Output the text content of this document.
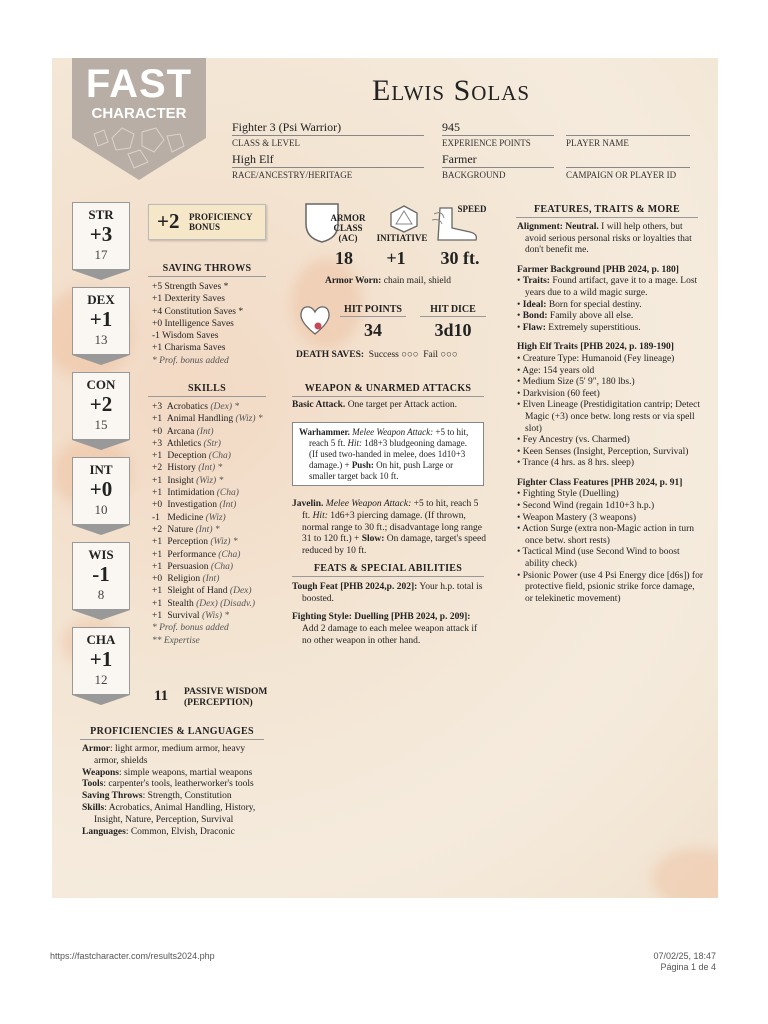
FAST
CHARACTER
Elwis Solas
Fighter 3 (Psi Warrior)
CLASS & LEVEL
945
EXPERIENCE POINTS	PLAYER NAME
High Elf
RACE/ANCESTRY/HERITAGE
Farmer
BACKGROUND	CAMPAIGN OR PLAYER ID
STR
+3
17
DEX
+1
13
CON
+2
15
INT
+0
10
WIS
-1
8
CHA
+1
12
+2 PROFICIENCY BONUS
SAVING THROWS
+5 Strength Saves *
+1 Dexterity Saves
+4 Constitution Saves *
+0 Intelligence Saves
-1 Wisdom Saves
+1 Charisma Saves
* Prof. bonus added
SKILLS
+3 Acrobatics (Dex) *
+1 Animal Handling (Wiz) *
+0 Arcana (Int)
+3 Athletics (Str)
+1 Deception (Cha)
+2 History (Int) *
+1 Insight (Wiz) *
+1 Intimidation (Cha)
+0 Investigation (Int)
-1 Medicine (Wiz)
+2 Nature (Int) *
+1 Perception (Wiz) *
+1 Performance (Cha)
+1 Persuasion (Cha)
+0 Religion (Int)
+1 Sleight of Hand (Dex)
+1 Stealth (Dex) (Disadv.)
+1 Survival (Wis) *
* Prof. bonus added
** Expertise
11 PASSIVE WISDOM (PERCEPTION)
PROFICIENCIES & LANGUAGES
Armor: light armor, medium armor, heavy armor, shields
Weapons: simple weapons, martial weapons
Tools: carpenter's tools, leatherworker's tools
Saving Throws: Strength, Constitution
Skills: Acrobatics, Animal Handling, History, Insight, Nature, Perception, Survival
Languages: Common, Elvish, Draconic
ARMOR CLASS (AC)	INITIATIVE
SPEED
18	+1	30 ft.
Armor Worn: chain mail, shield
HIT POINTS	HIT DICE
34	3d10
DEATH SAVES: Success ○○○ Fail ○○○
WEAPON & UNARMED ATTACKS
Basic Attack. One target per Attack action.
Warhammer. Melee Weapon Attack: +5 to hit, reach 5 ft. Hit: 1d8+3 bludgeoning damage. (If used two-handed in melee, does 1d10+3 damage.) + Push: On hit, push Large or smaller target back 10 ft.
Javelin. Melee Weapon Attack: +5 to hit, reach 5 ft. Hit: 1d6+3 piercing damage. (If thrown, normal range to 30 ft.; disadvantage long range 31 to 120 ft.) + Slow: On damage, target's speed reduced by 10 ft.
FEATS & SPECIAL ABILITIES
Tough Feat [PHB 2024,p. 202]: Your h.p. total is boosted.
Fighting Style: Duelling [PHB 2024, p. 209]: Add 2 damage to each melee weapon attack if no other weapon in other hand.
FEATURES, TRAITS & MORE
Alignment: Neutral. I will help others, but avoid serious personal risks or loyalties that don't benefit me.
Farmer Background [PHB 2024, p. 180]
• Traits: Found artifact, gave it to a mage. Lost years due to a wild magic surge.
• Ideal: Born for special destiny.
• Bond: Family above all else.
• Flaw: Extremely superstitious.
High Elf Traits [PHB 2024, p. 189-190]
• Creature Type: Humanoid (Fey lineage)
• Age: 154 years old
• Medium Size (5' 9", 180 lbs.)
• Darkvision (60 feet)
• Elven Lineage (Prestidigitation cantrip; Detect Magic (+3) once betw. long rests or via spell slot)
• Fey Ancestry (vs. Charmed)
• Keen Senses (Insight, Perception, Survival)
• Trance (4 hrs. as 8 hrs. sleep)
Fighter Class Features [PHB 2024, p. 91]
• Fighting Style (Duelling)
• Second Wind (regain 1d10+3 h.p.)
• Weapon Mastery (3 weapons)
• Action Surge (extra non-Magic action in turn once betw. short rests)
• Tactical Mind (use Second Wind to boost ability check)
• Psionic Power (use 4 Psi Energy dice [d6s]) for protective field, psionic strike force damage, or telekinetic movement)
https://fastcharacter.com/results2024.php	07/02/25, 18:47
Página 1 de 4
